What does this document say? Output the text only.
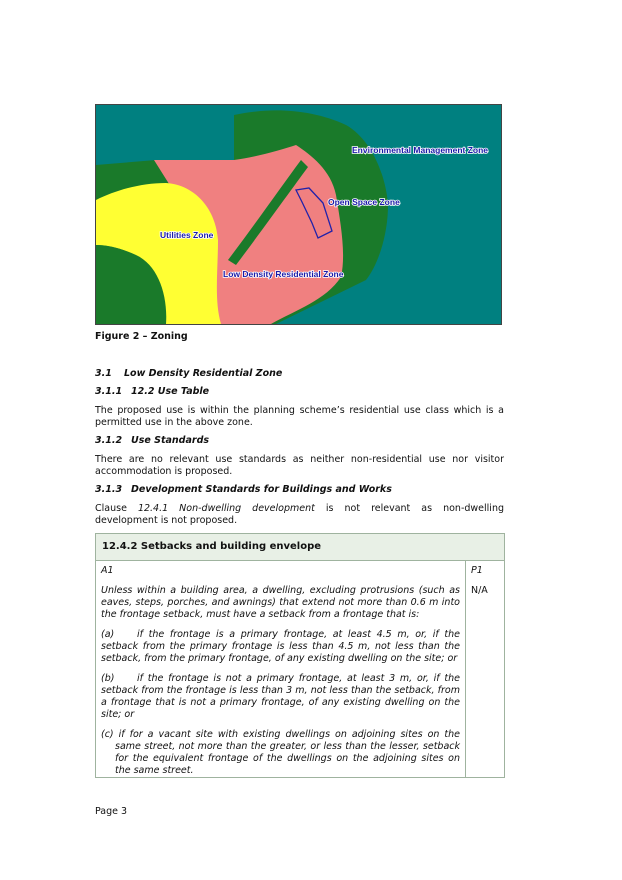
Environmental Management Zone
Open Space Zone
Utilities Zone
Low Density Residential Zone
Figure 2 – Zoning
3.1 Low Density Residential Zone
3.1.1 12.2 Use Table
The proposed use is within the planning scheme’s residential use class which is a permitted use in the above zone.
3.1.2 Use Standards
There are no relevant use standards as neither non-residential use nor visitor accommodation is proposed.
3.1.3 Development Standards for Buildings and Works
Clause 12.4.1 Non-dwelling development is not relevant as non-dwelling development is not proposed.
12.4.2 Setbacks and building envelope

A1

Unless within a building area, a dwelling, excluding protrusions (such as eaves, steps, porches, and awnings) that extend not more than 0.6 m into the frontage setback, must have a setback from a frontage that is:

(a) if the frontage is a primary frontage, at least 4.5 m, or, if the setback from the primary frontage is less than 4.5 m, not less than the setback, from the primary frontage, of any existing dwelling on the site; or

(b) if the frontage is not a primary frontage, at least 3 m, or, if the setback from the frontage is less than 3 m, not less than the setback, from a frontage that is not a primary frontage, of any existing dwelling on the site; or

(c) if for a vacant site with existing dwellings on adjoining sites on the same street, not more than the greater, or less than the lesser, setback for the equivalent frontage of the dwellings on the adjoining sites on the same street.

P1
N/A
Page 3
